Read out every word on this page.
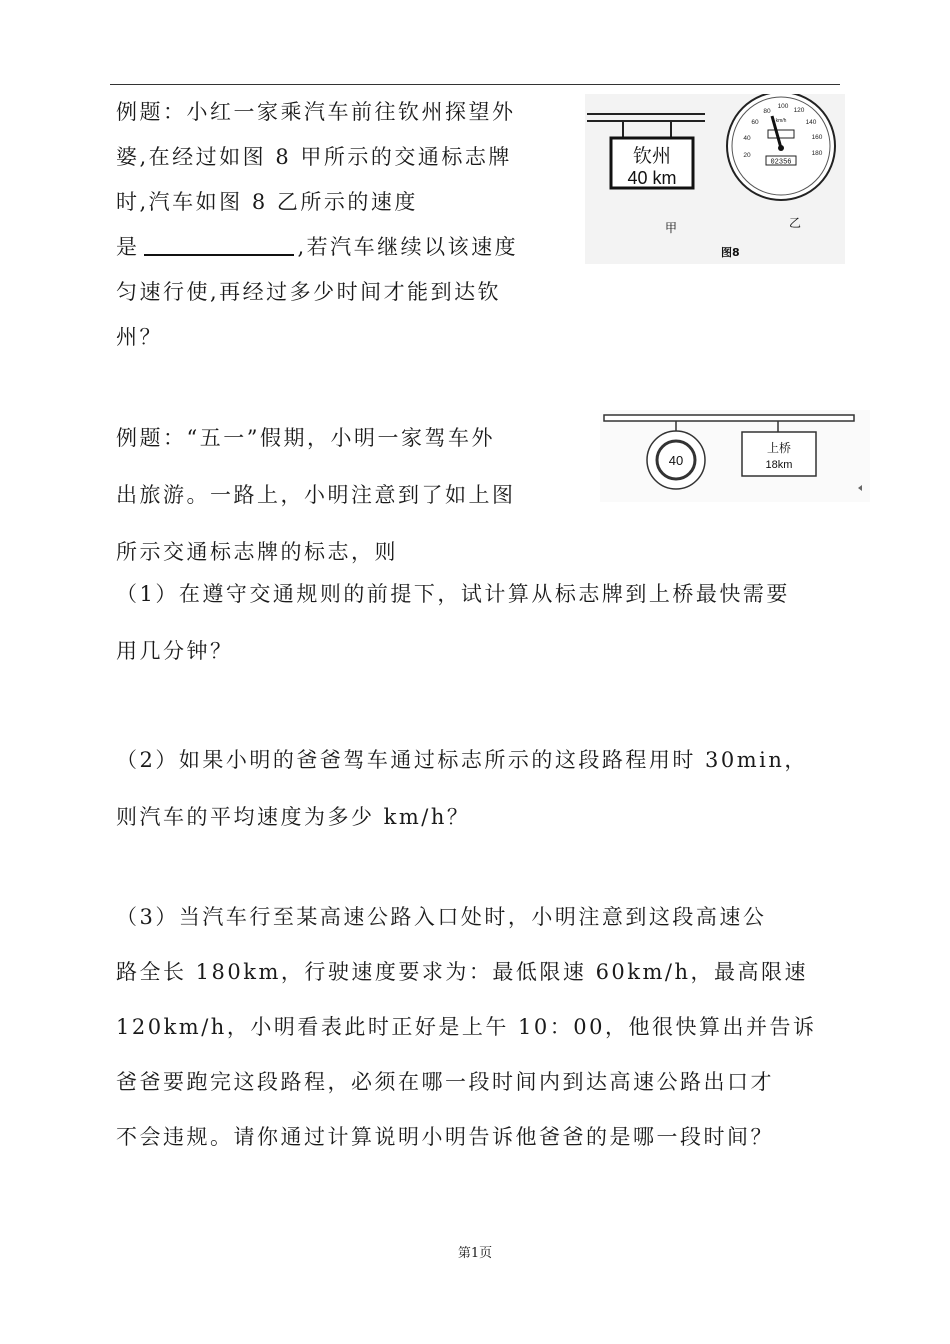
例题：小红一家乘汽车前往钦州探望外
婆,在经过如图 8 甲所示的交通标志牌
时,汽车如图 8 乙所示的速度
是	,若汽车继续以该速度
匀速行使,再经过多少时间才能到达钦
州？
钦州
40 km
20
40
60
80
100
120
140
160
180
km/h
02356
甲	乙
图8
例题：“五一”假期，小明一家驾车外
出旅游。一路上，小明注意到了如上图
所示交通标志牌的标志，则
40
上桥
18km
（1）在遵守交通规则的前提下，试计算从标志牌到上桥最快需要
用几分钟？
（2）如果小明的爸爸驾车通过标志所示的这段路程用时 30min，
则汽车的平均速度为多少 km/h？
（3）当汽车行至某高速公路入口处时，小明注意到这段高速公
路全长 180km，行驶速度要求为：最低限速 60km/h，最高限速
120km/h，小明看表此时正好是上午 10：00，他很快算出并告诉
爸爸要跑完这段路程，必须在哪一段时间内到达高速公路出口才
不会违规。请你通过计算说明小明告诉他爸爸的是哪一段时间？
第1页
